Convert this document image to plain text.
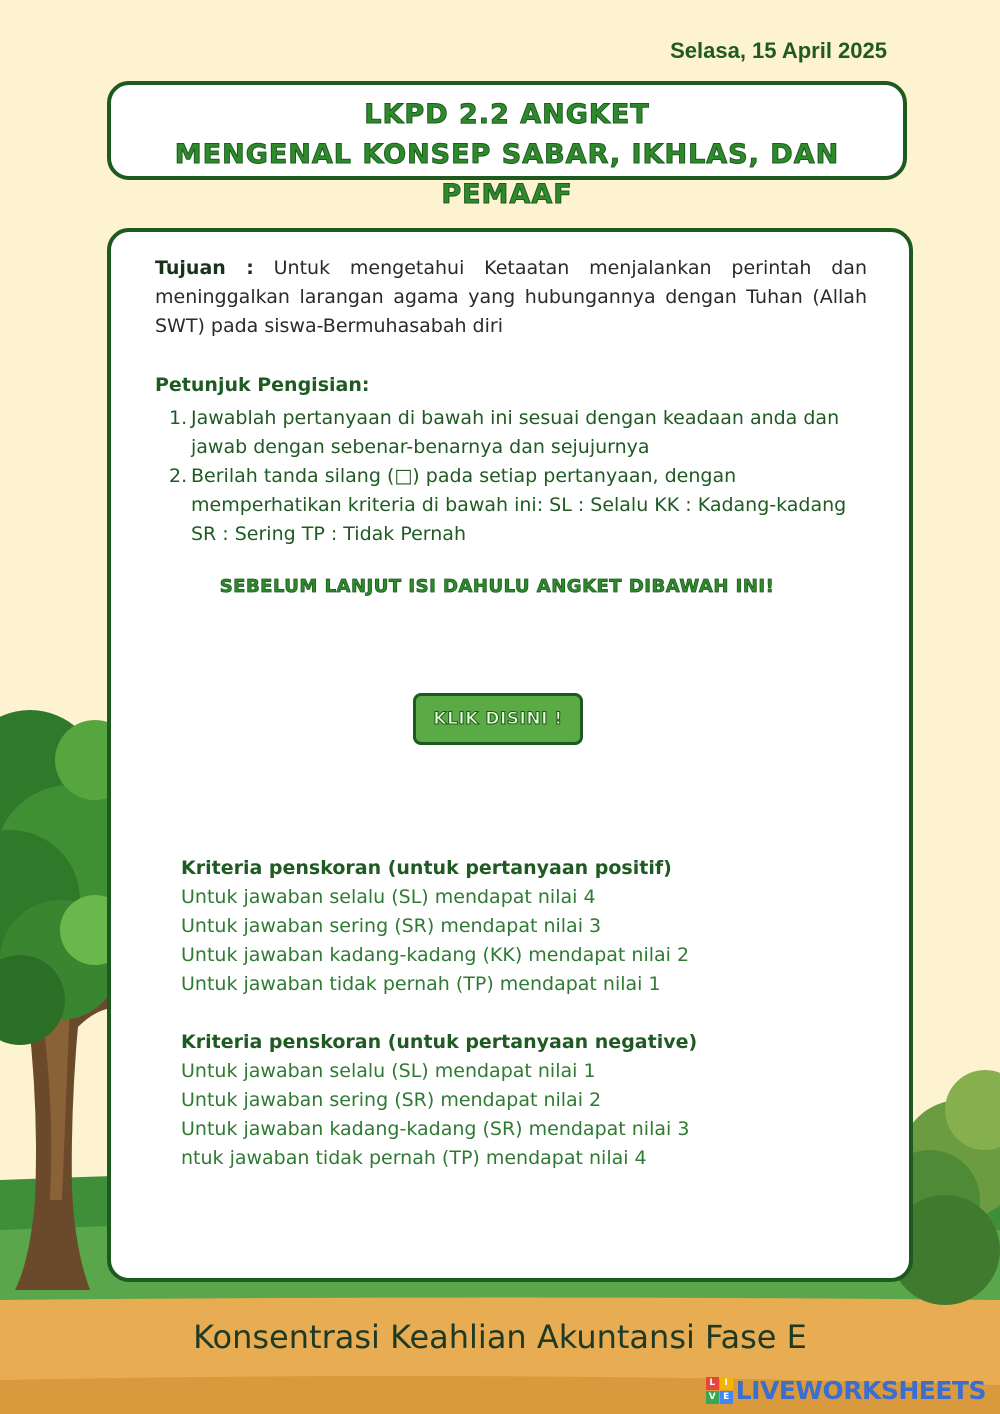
Selasa, 15 April 2025
LKPD 2.2 ANGKET
MENGENAL KONSEP SABAR, IKHLAS, DAN PEMAAF
Tujuan : Untuk mengetahui Ketaatan menjalankan perintah dan meninggalkan larangan agama yang hubungannya dengan Tuhan (Allah SWT) pada siswa-Bermuhasabah diri
Petunjuk Pengisian:
1. Jawablah pertanyaan di bawah ini sesuai dengan keadaan anda dan jawab dengan sebenar-benarnya dan sejujurnya
2. Berilah tanda silang (□) pada setiap pertanyaan, dengan memperhatikan kriteria di bawah ini: SL : Selalu KK : Kadang-kadang SR : Sering TP : Tidak Pernah
SEBELUM LANJUT ISI DAHULU ANGKET DIBAWAH INI!
KLIK DISINI !
Kriteria penskoran (untuk pertanyaan positif)
Untuk jawaban selalu (SL) mendapat nilai 4
Untuk jawaban sering (SR) mendapat nilai 3
Untuk jawaban kadang-kadang (KK) mendapat nilai 2
Untuk jawaban tidak pernah (TP) mendapat nilai 1
Kriteria penskoran (untuk pertanyaan negative)
Untuk jawaban selalu (SL) mendapat nilai 1
Untuk jawaban sering (SR) mendapat nilai 2
Untuk jawaban kadang-kadang (SR) mendapat nilai 3
ntuk jawaban tidak pernah (TP) mendapat nilai 4
Konsentrasi Keahlian Akuntansi Fase E
L	I
V E LIVEWORKSHEETS
